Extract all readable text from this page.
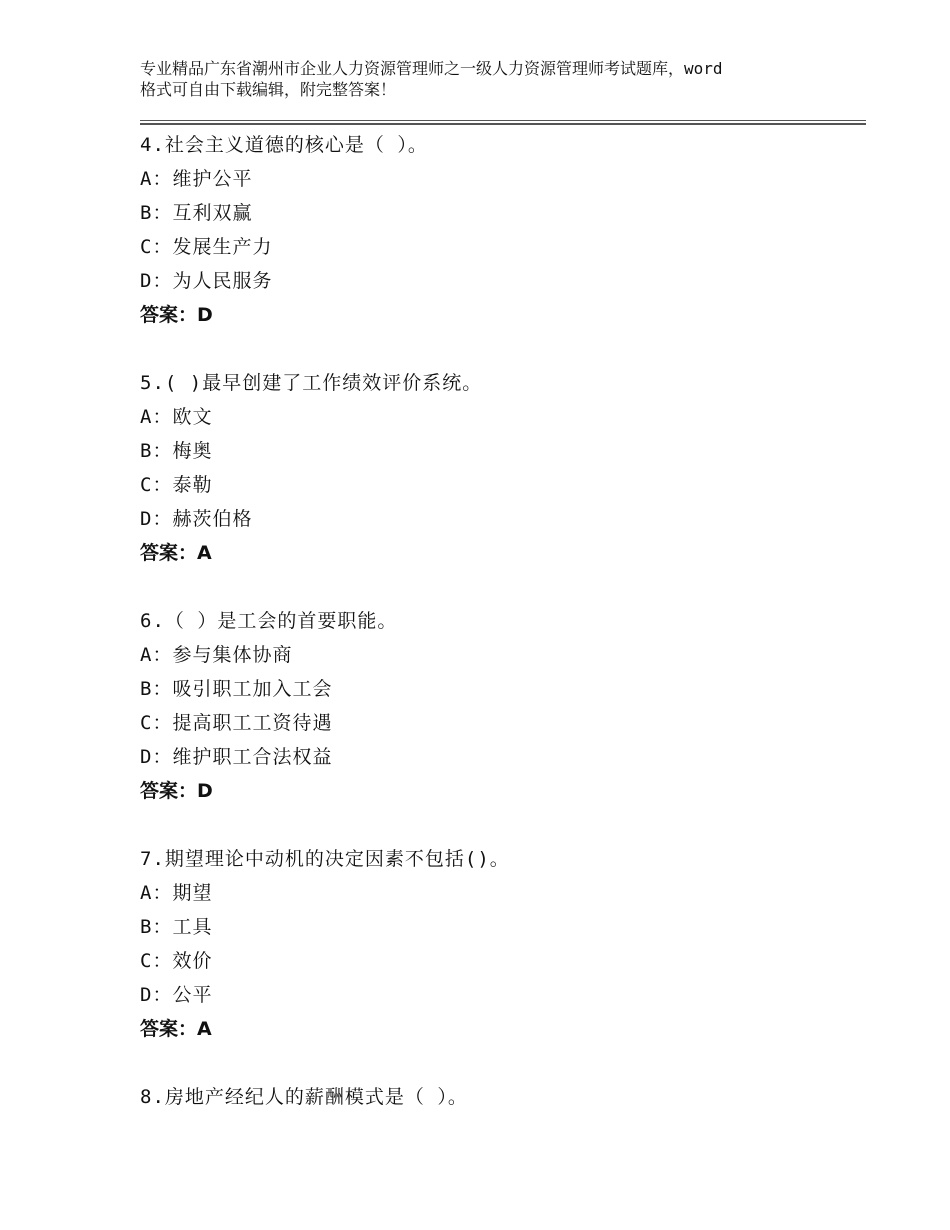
专业精品广东省潮州市企业人力资源管理师之一级人力资源管理师考试题库，word
格式可自由下载编辑，附完整答案！
4.社会主义道德的核心是（ ）。
A：维护公平
B：互利双赢
C：发展生产力
D：为人民服务
答案：D
5.( )最早创建了工作绩效评价系统。
A：欧文
B：梅奥
C：泰勒
D：赫茨伯格
答案：A
6.（ ）是工会的首要职能。
A：参与集体协商
B：吸引职工加入工会
C：提高职工工资待遇
D：维护职工合法权益
答案：D
7.期望理论中动机的决定因素不包括()。
A：期望
B：工具
C：效价
D：公平
答案：A
8.房地产经纪人的薪酬模式是（ ）。
